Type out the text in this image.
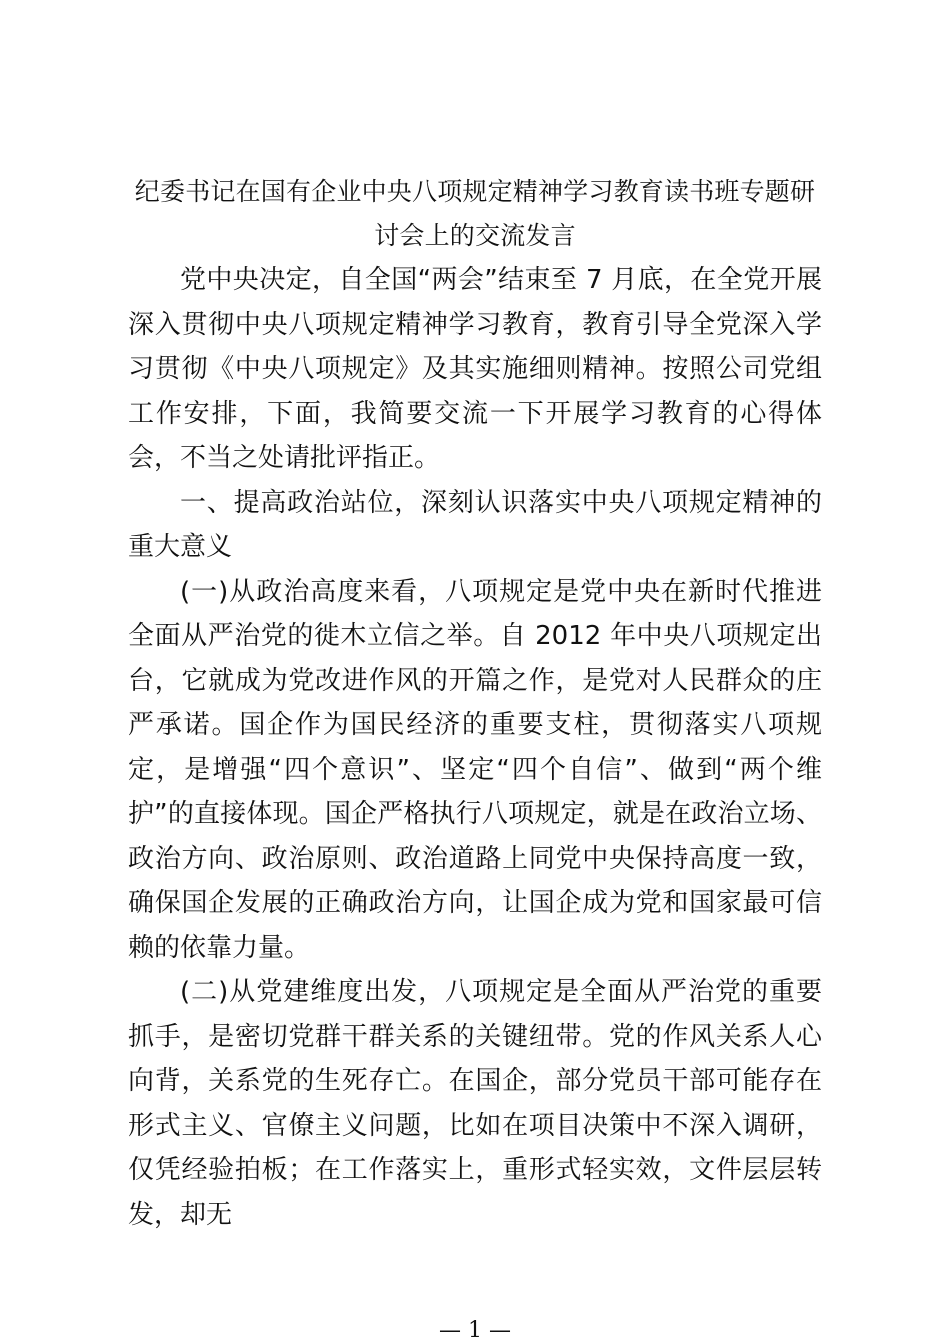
纪委书记在国有企业中央八项规定精神学习教育读书班专题研
讨会上的交流发言

党中央决定，自全国“两会”结束至 7 月底，在全党开展深入贯彻中央八项规定精神学习教育，教育引导全党深入学习贯彻《中央八项规定》及其实施细则精神。按照公司党组工作安排，下面，我简要交流一下开展学习教育的心得体会，不当之处请批评指正。

一、提高政治站位，深刻认识落实中央八项规定精神的重大意义

(一)从政治高度来看，八项规定是党中央在新时代推进全面从严治党的徙木立信之举。自 2012 年中央八项规定出台，它就成为党改进作风的开篇之作，是党对人民群众的庄严承诺。国企作为国民经济的重要支柱，贯彻落实八项规定，是增强“四个意识”、坚定“四个自信”、做到“两个维护”的直接体现。国企严格执行八项规定，就是在政治立场、政治方向、政治原则、政治道路上同党中央保持高度一致，确保国企发展的正确政治方向，让国企成为党和国家最可信赖的依靠力量。

(二)从党建维度出发，八项规定是全面从严治党的重要抓手，是密切党群干群关系的关键纽带。党的作风关系人心向背，关系党的生死存亡。在国企，部分党员干部可能存在形式主义、官僚主义问题，比如在项目决策中不深入调研，仅凭经验拍板；在工作落实上，重形式轻实效，文件层层转发，却无

— 1 —
